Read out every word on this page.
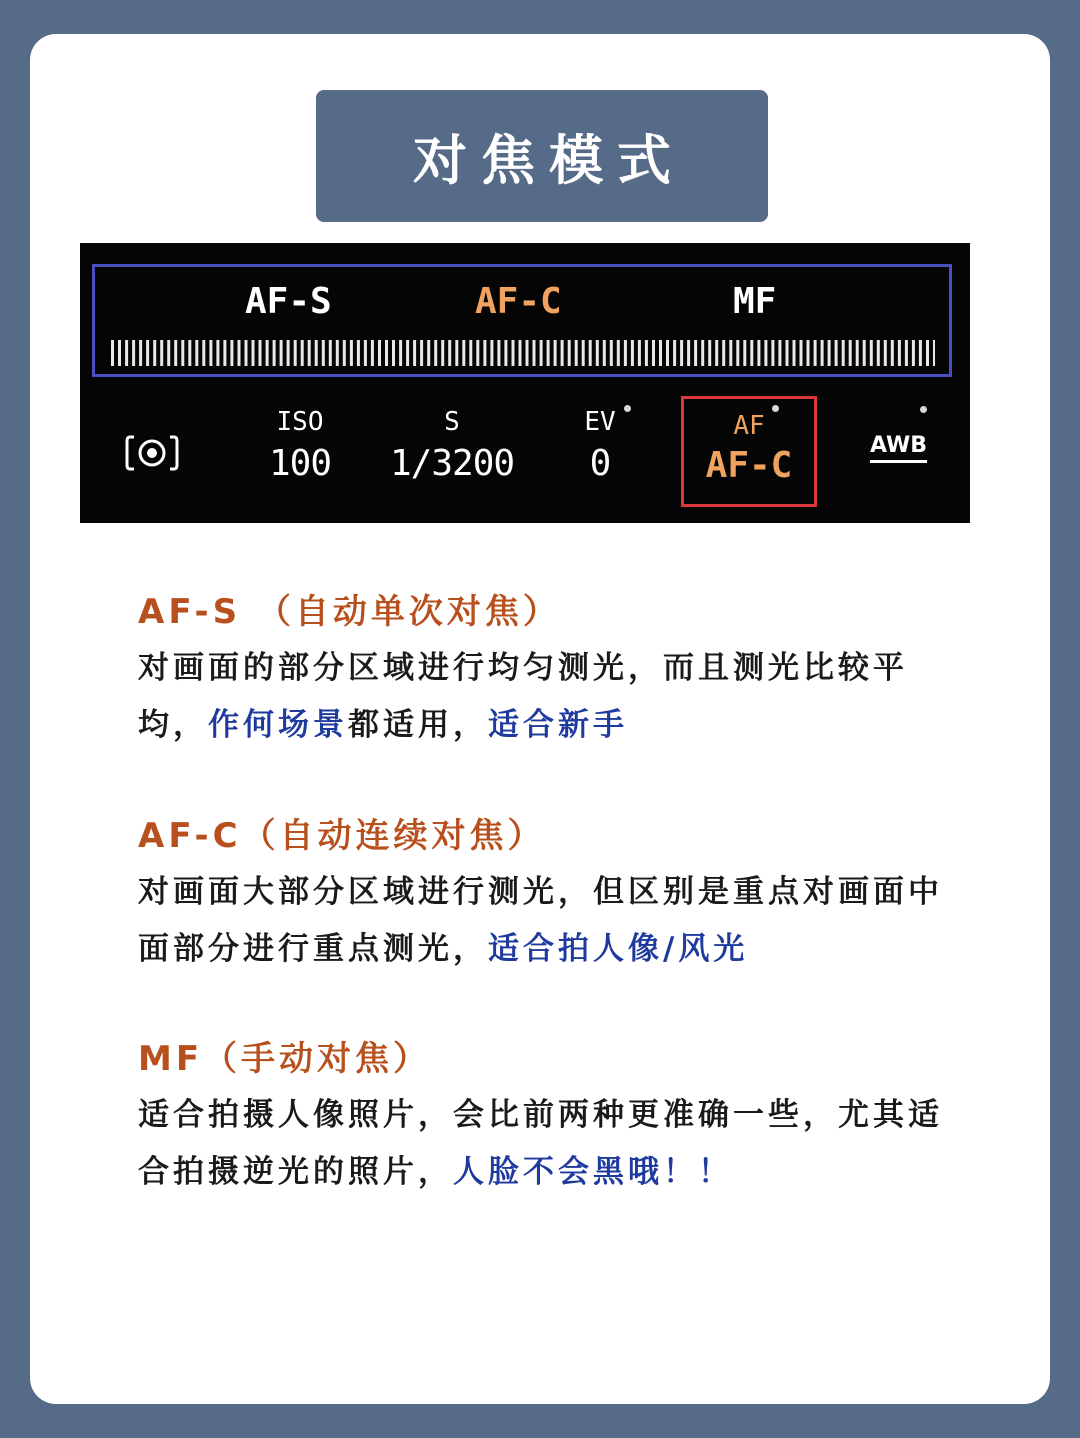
对焦模式
AF-S	AF-C	MF
ISO
100
S
1/3200
EV
0
AF
AF-C	AWB

AF-S （自动单次对焦）

对画面的部分区域进行均匀测光，而且测光比较平均，作何场景都适用，适合新手

AF-C（自动连续对焦）

对画面大部分区域进行测光，但区别是重点对画面中面部分进行重点测光，适合拍人像/风光

MF（手动对焦）

适合拍摄人像照片，会比前两种更准确一些，尤其适合拍摄逆光的照片，人脸不会黑哦！！
